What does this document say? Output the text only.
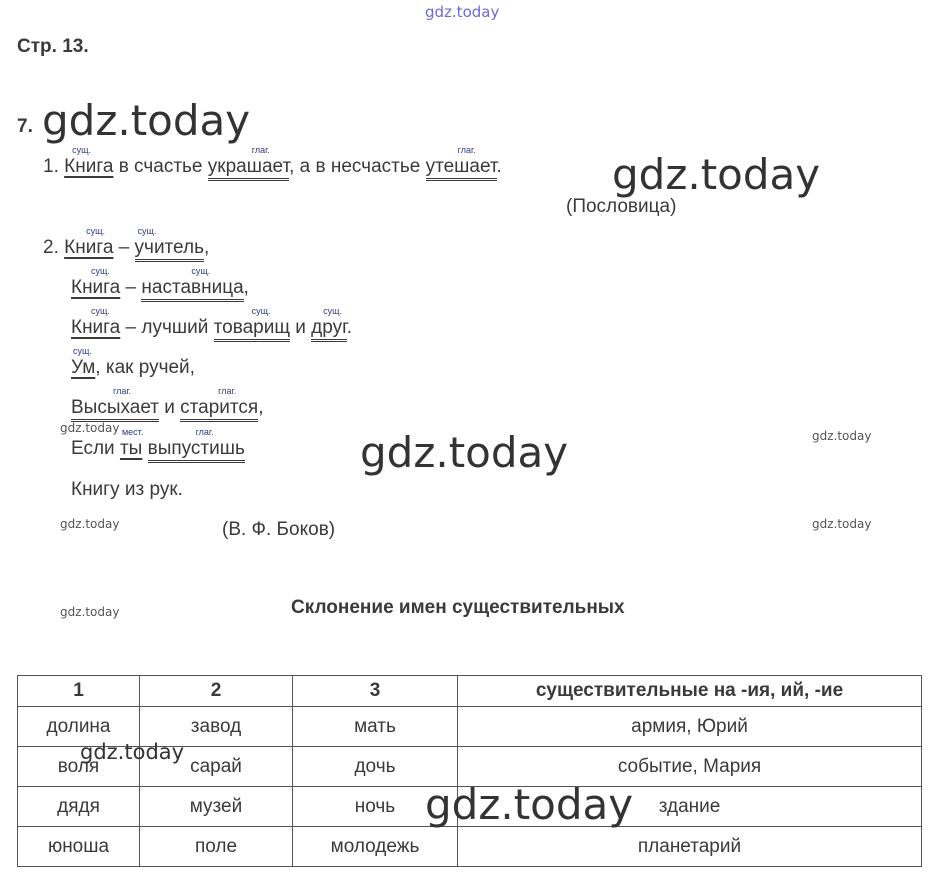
gdz.today
Стр. 13.
7. gdz.today
1.
сущ.
Книга в счастье
глаг.
украшает, а в несчастье
глаг.
утешает.	gdz.today
(Пословица)
2.
сущ.
Книга –
сущ.
учитель,
сущ.
Книга –
сущ.
наставница,
сущ.
Книга – лучший
сущ.
товарищ и
сущ.
друг.
сущ.
Ум, как ручей,
глаг.
Высыхает и
глаг.
старится,
gdz.today
Если
мест.
ты
глаг.
выпустишь	gdz.today	gdz.today
Книгу из рук.
gdz.today	(В. Ф. Боков)	gdz.today
gdz.today	Склонение имен существительных
1	2	3	существительные на -ия, ий, -ие
долина	завод	мать	армия, Юрий
воля	сарай	дочь	событие, Мария
дядя	музей	ночь	здание
юноша	поле	молодежь	планетарий
gdz.today
gdz.today
